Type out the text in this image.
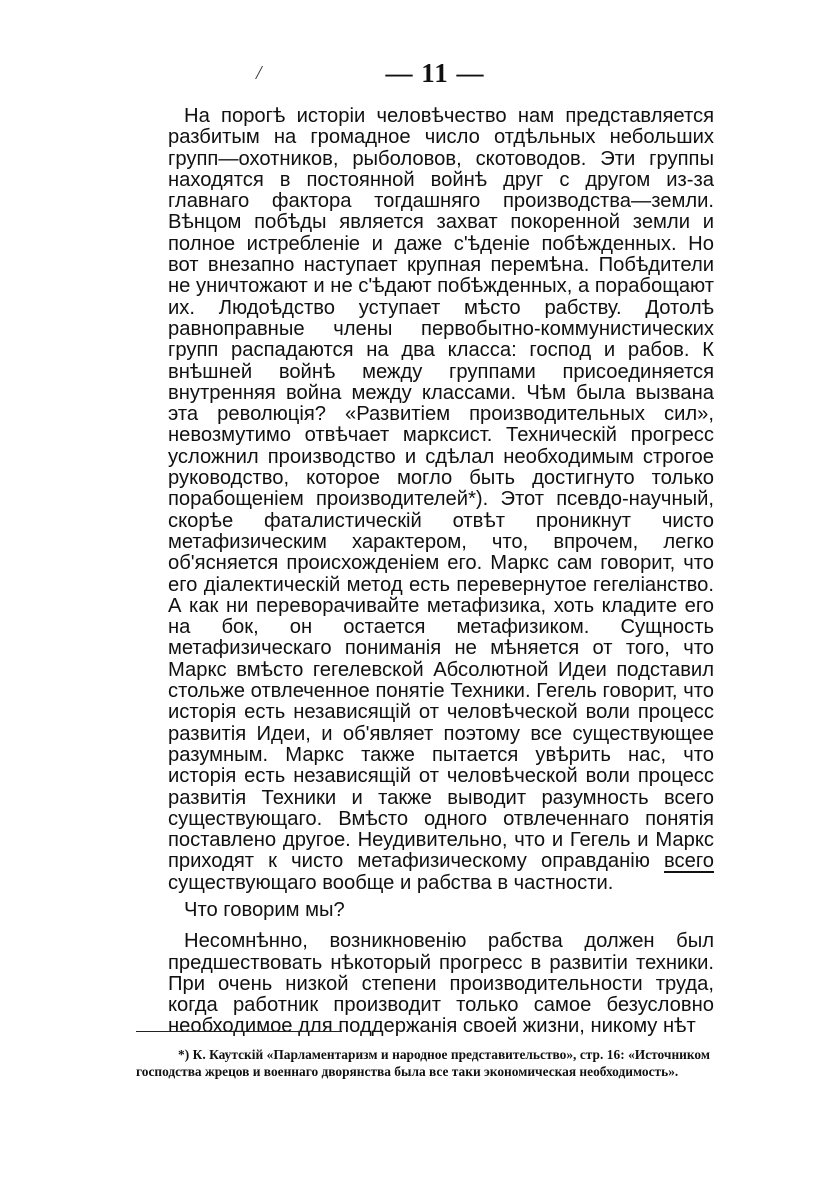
/	— 11 —

На порогѣ исторіи человѣчество нам представляется разбитым на громадное число отдѣльных небольших групп—охотников, рыболовов, скотоводов. Эти группы находятся в постоянной войнѣ друг с другом из-за главнаго фактора тогдашняго производства—земли. Вѣнцом побѣды является захват покоренной земли и полное истребленіе и даже с'ѣденіе побѣжденных. Но вот внезапно наступает крупная перемѣна. Побѣдители не уничтожают и не с'ѣдают побѣжденных, а порабощают их. Людоѣдство уступает мѣсто рабству. Дотолѣ равноправные члены первобытно-коммунистических групп распадаются на два класса: господ и рабов. К внѣшней войнѣ между группами присоединяется внутренняя война между классами. Чѣм была вызвана эта революція? «Развитіем производительных сил», невозмутимо отвѣчает марксист. Техническій прогресс усложнил производство и сдѣлал необходимым строгое руководство, которое могло быть достигнуто только порабощеніем производителей*). Этот псевдо-научный, скорѣе фаталистическій отвѣт проникнут чисто метафизическим характером, что, впрочем, легко об'ясняется происхожденіем его. Маркс сам говорит, что его діалектическій метод есть перевернутое гегеліанство. А как ни переворачивайте метафизика, хоть кладите его на бок, он остается метафизиком. Сущность метафизическаго пониманія не мѣняется от того, что Маркс вмѣсто гегелевской Абсолютной Идеи подставил стольже отвлеченное понятіе Техники. Гегель говорит, что исторія есть независящій от человѣческой воли процесс развитія Идеи, и об'являет поэтому все существующее разумным. Маркс также пытается увѣрить нас, что исторія есть независящій от человѣческой воли процесс развитія Техники и также выводит разумность всего существующаго. Вмѣсто одного отвлеченнаго понятія поставлено другое. Неудивительно, что и Гегель и Маркс приходят к чисто метафизическому оправданію всего существующаго вообще и рабства в частности.

Что говорим мы?

Несомнѣнно, возникновенію рабства должен был предшествовать нѣкоторый прогресс в развитіи техники. При очень низкой степени производительности труда, когда работник производит только самое безусловно необходимое для поддержанія своей жизни, никому нѣт

*) К. Каутскій «Парламентаризм и народное представительство», стр. 16: «Источником господства жрецов и военнаго дворянства была все таки экономическая необходимость».
